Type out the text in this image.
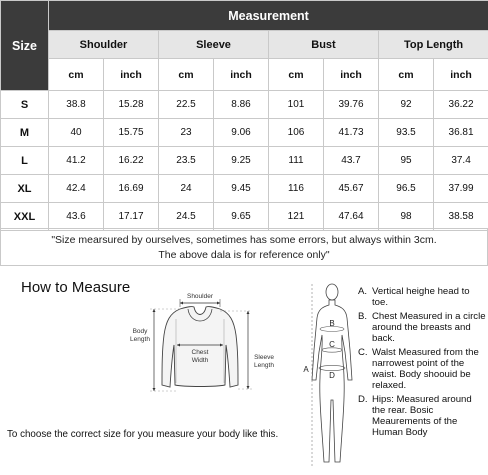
Size	Measurement							
	Shoulder		Sleeve		Bust		Top Length	
	cm	inch	cm	inch	cm	inch	cm	inch
S	38.8	15.28	22.5	8.86	101	39.76	92	36.22
M	40	15.75	23	9.06	106	41.73	93.5	36.81
L	41.2	16.22	23.5	9.25	111	43.7	95	37.4
XL	42.4	16.69	24	9.45	116	45.67	96.5	37.99
XXL	43.6	17.17	24.5	9.65	121	47.64	98	38.58
"Size mearsured by ourselves, sometimes has some errors, but always within 3cm.
The above dala is for reference only"
How to Measure
Shoulder
Chest
Width
Body
Length
Sleeve
Length
To choose the correct size for you measure your body like this.
B
C
D
A
A. Vertical heighe head to toe.
B. Chest Measured in a circle around the breasts and back.
C. Walst Measured from the narrowest point of the waist. Body shoouid be relaxed.
D. Hips: Measured around the rear. Bosic Meaurements of the Human Body
